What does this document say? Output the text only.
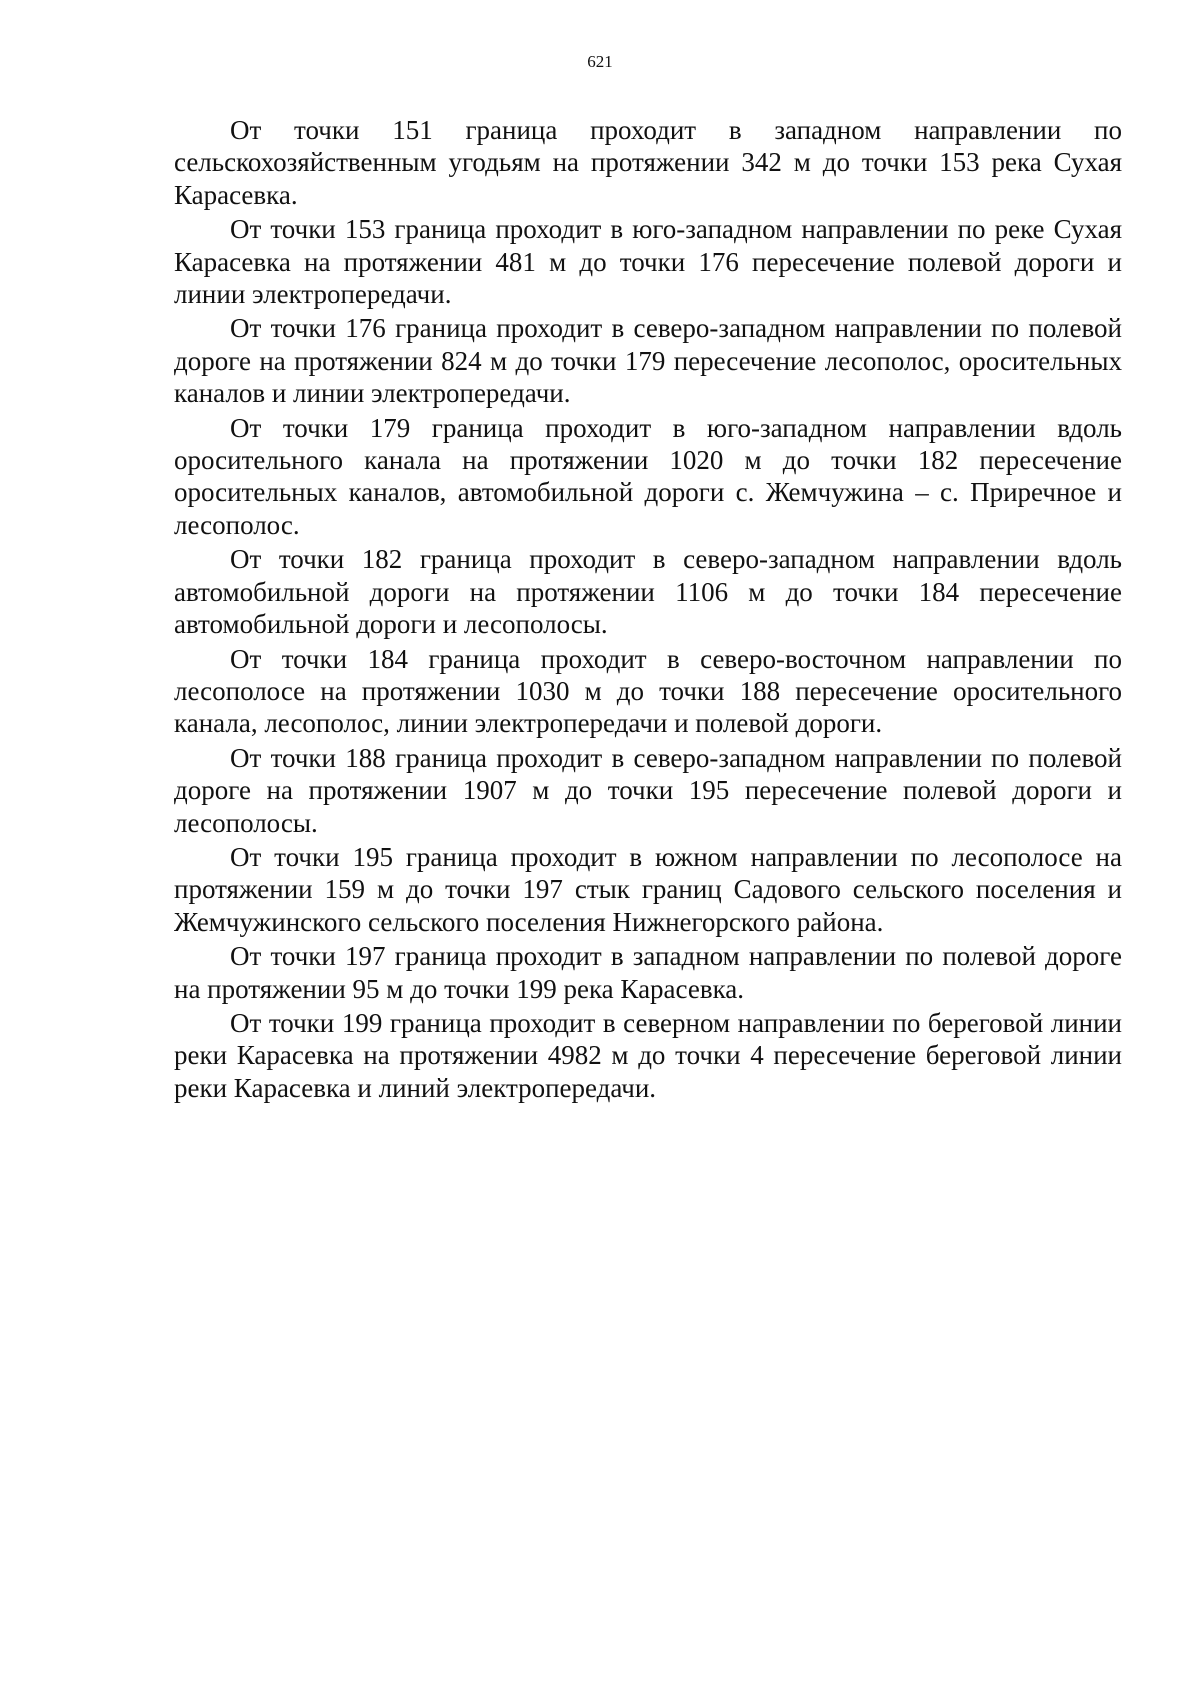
621

От точки 151 граница проходит в западном направлении по сельскохозяйственным угодьям на протяжении 342 м до точки 153 река Сухая Карасевка.

От точки 153 граница проходит в юго-западном направлении по реке Сухая Карасевка на протяжении 481 м до точки 176 пересечение полевой дороги и линии электропередачи.

От точки 176 граница проходит в северо-западном направлении по полевой дороге на протяжении 824 м до точки 179 пересечение лесополос, оросительных каналов и линии электропередачи.

От точки 179 граница проходит в юго-западном направлении вдоль оросительного канала на протяжении 1020 м до точки 182 пересечение оросительных каналов, автомобильной дороги с. Жемчужина – с. Приречное и лесополос.

От точки 182 граница проходит в северо-западном направлении вдоль автомобильной дороги на протяжении 1106 м до точки 184 пересечение автомобильной дороги и лесополосы.

От точки 184 граница проходит в северо-восточном направлении по лесополосе на протяжении 1030 м до точки 188 пересечение оросительного канала, лесополос, линии электропередачи и полевой дороги.

От точки 188 граница проходит в северо-западном направлении по полевой дороге на протяжении 1907 м до точки 195 пересечение полевой дороги и лесополосы.

От точки 195 граница проходит в южном направлении по лесополосе на протяжении 159 м до точки 197 стык границ Садового сельского поселения и Жемчужинского сельского поселения Нижнегорского района.

От точки 197 граница проходит в западном направлении по полевой дороге на протяжении 95 м до точки 199 река Карасевка.

От точки 199 граница проходит в северном направлении по береговой линии реки Карасевка на протяжении 4982 м до точки 4 пересечение береговой линии реки Карасевка и линий электропередачи.
